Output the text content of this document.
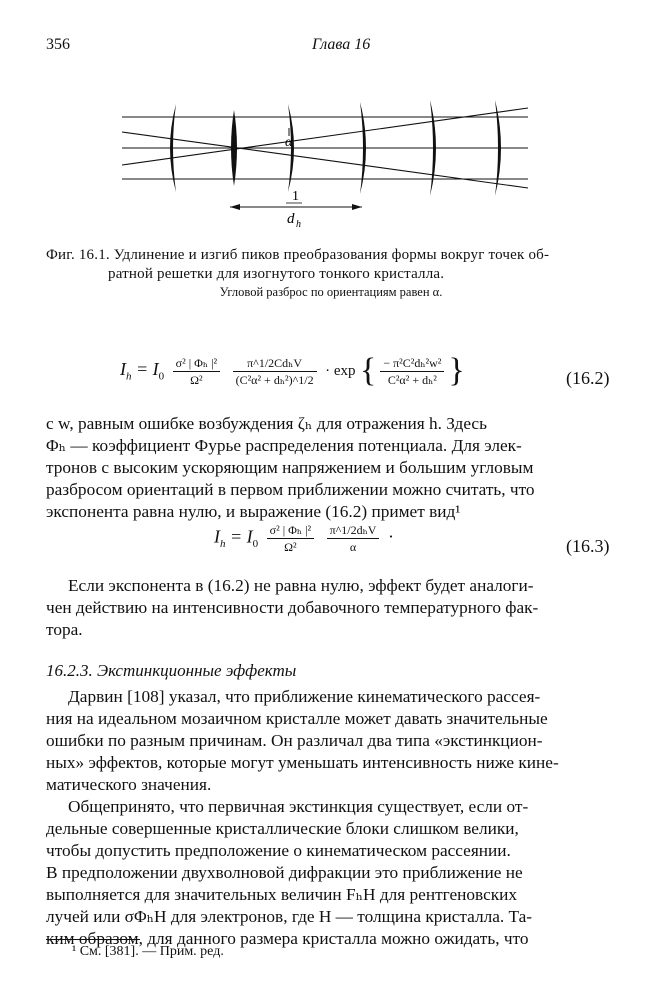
356	Глава 16
α
1
d h
Фиг. 16.1. Удлинение и изгиб пиков преобразования формы вокруг точек об-
ратной решетки для изогнутого тонкого кристалла.
Угловой разброс по ориентациям равен α.
$I_h = I_0 \frac{\text{σ² | Φₕ |²}}{\text{Ω²}}$
$\frac{\text{π\textasciicircum{}1/2CdₕV}}{\text{(C²α² + dₕ²)\textasciicircum{}1/2}} \cdot \exp$ { $\frac{\text{− π²C²dₕ²w²}}{\text{C²α² + dₕ²}}$ }	(16.2)

с w, равным ошибке возбуждения ζₕ для отражения h. Здесь

Φₕ — коэффициент Фурье распределения потенциала. Для элек-

тронов с высоким ускоряющим напряжением и большим угловым

разбросом ориентаций в первом приближении можно считать, что

экспонента равна нулю, и выражение (16.2) примет вид¹

$I_h = I_0 \frac{\text{σ² | Φₕ |²}}{\text{Ω²}}$
$\frac{\text{π\textasciicircum{}1/2dₕV}}{\alpha}$ ·	(16.3)

Если экспонента в (16.2) не равна нулю, эффект будет аналоги-

чен действию на интенсивности добавочного температурного фак-

тора.

16.2.3. Экстинкционные эффекты

Дарвин [108] указал, что приближение кинематического рассея-

ния на идеальном мозаичном кристалле может давать значительные

ошибки по разным причинам. Он различал два типа «экстинкцион-

ных» эффектов, которые могут уменьшать интенсивность ниже кине-

матического значения.

Общепринято, что первичная экстинкция существует, если от-

дельные совершенные кристаллические блоки слишком велики,

чтобы допустить предположение о кинематическом рассеянии.

В предположении двухволновой дифракции это приближение не

выполняется для значительных величин FₕH для рентгеновских

лучей или σΦₕH для электронов, где H — толщина кристалла. Та-

ким образом, для данного размера кристалла можно ожидать, что

¹ См. [381]. — Прим. ред.
